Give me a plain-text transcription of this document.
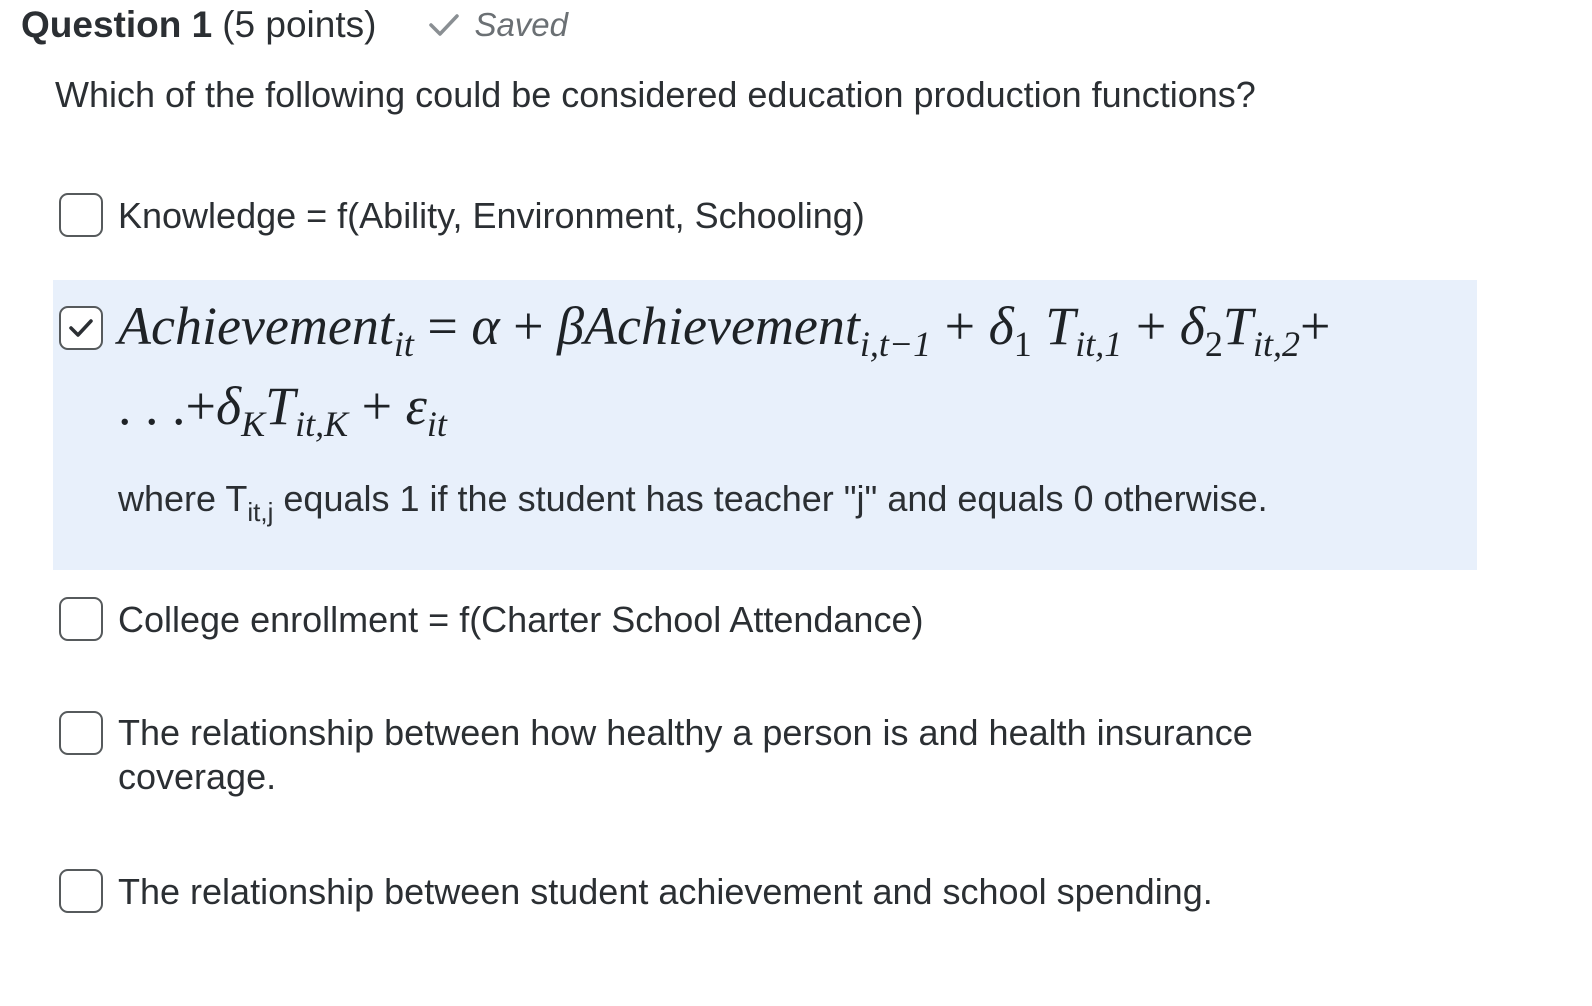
Question 1 (5 points)	Saved
Which of the following could be considered education production functions?
Knowledge = f(Ability, Environment, Schooling)
Achievement$_{it}$ = α + βAchievement$_{i,t-1}$ + $\delta_1$ $T_{it,1} + \delta_2T_{it,2}+$
. . $.+\delta_KT_{it,K} + \varepsilon_{it}$
where $T_{it,j}$ equals 1 if the student has teacher "j" and equals 0 otherwise.
College enrollment = f(Charter School Attendance)
The relationship between how healthy a person is and health insurance coverage.
The relationship between student achievement and school spending.
